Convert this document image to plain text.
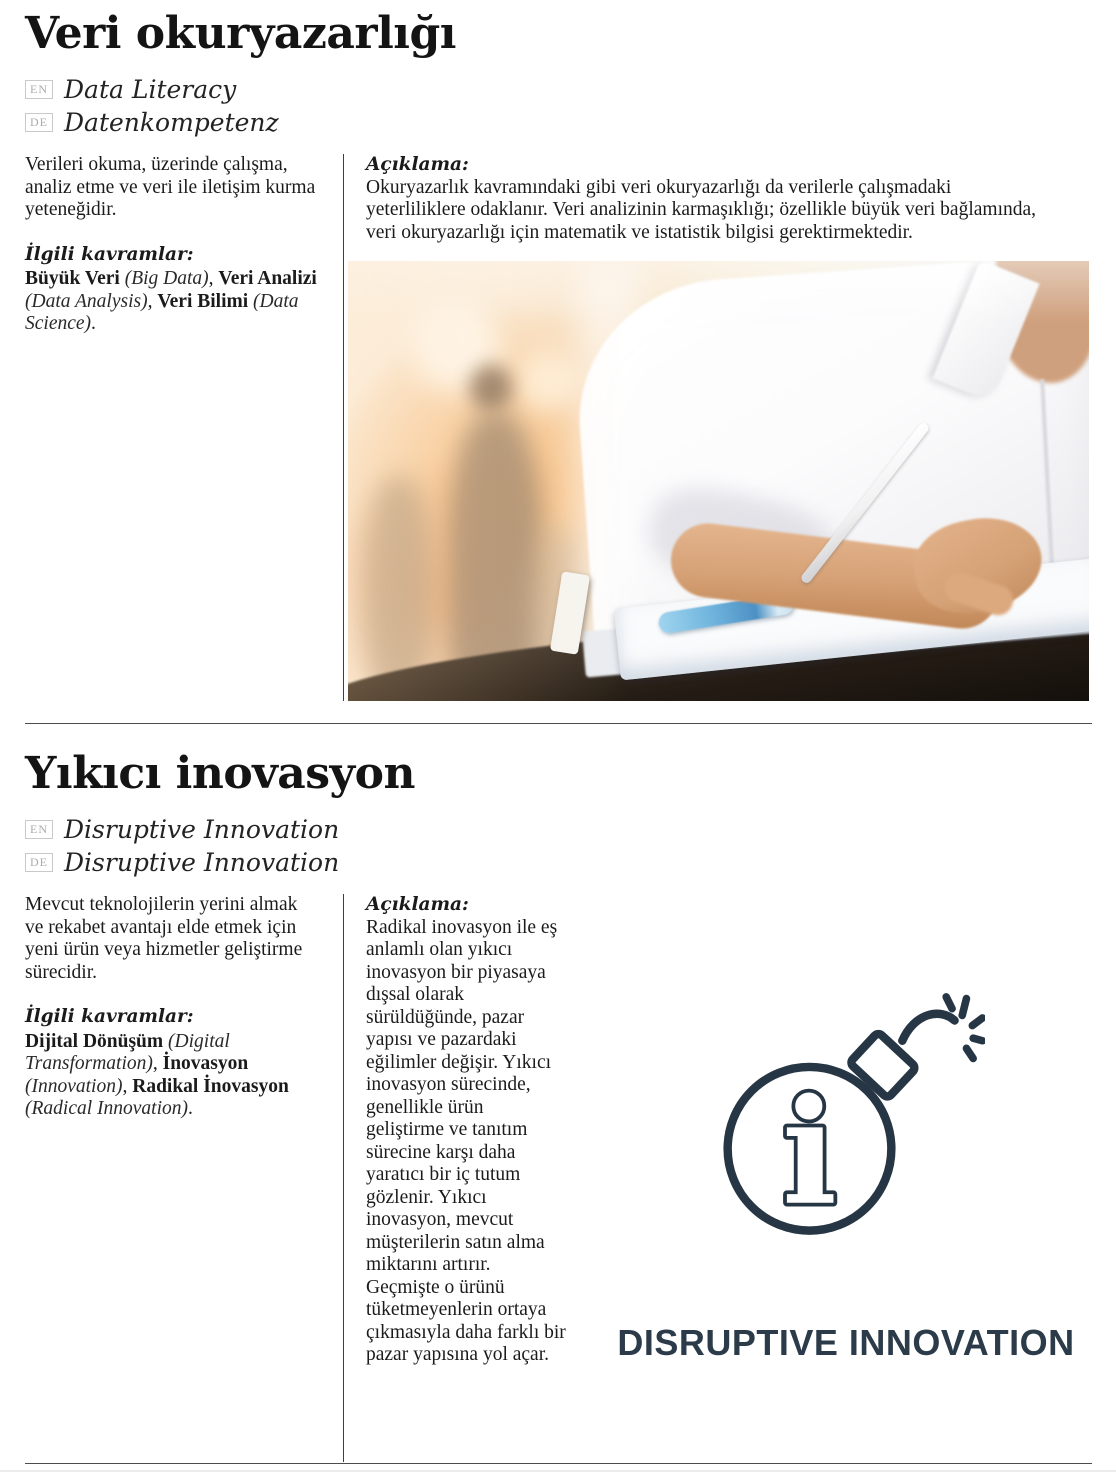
Veri okuryazarlığı
EN Data Literacy
DE Datenkompetenz

Verileri okuma, üzerinde çalışma, analiz etme ve veri ile iletişim kurma yeteneğidir.

İlgili kavramlar:

Büyük Veri (Big Data), Veri Analizi (Data Analysis), Veri Bilimi (Data Science).

Açıklama:

Okuryazarlık kavramındaki gibi veri okuryazarlığı da verilerle çalışmadaki yeterliliklere odaklanır. Veri analizinin karmaşıklığı; özellikle büyük veri bağlamında, veri okuryazarlığı için matematik ve istatistik bilgisi gerektirmektedir.

Yıkıcı inovasyon
EN Disruptive Innovation
DE Disruptive Innovation

Mevcut teknolojilerin yerini almak ve rekabet avantajı elde etmek için yeni ürün veya hizmetler geliştirme sürecidir.

İlgili kavramlar:

Dijital Dönüşüm (Digital Transformation), İnovasyon (Innovation), Radikal İnovasyon (Radical Innovation).

Açıklama:

Radikal inovasyon ile eş anlamlı olan yıkıcı inovasyon bir piyasaya dışsal olarak sürüldüğünde, pazar yapısı ve pazardaki eğilimler değişir. Yıkıcı inovasyon sürecinde, genellikle ürün geliştirme ve tanıtım sürecine karşı daha yaratıcı bir iç tutum gözlenir. Yıkıcı inovasyon, mevcut müşterilerin satın alma miktarını artırır. Geçmişte o ürünü tüketmeyenlerin ortaya çıkmasıyla daha farklı bir pazar yapısına yol açar.

i
DISRUPTIVE INNOVATION
